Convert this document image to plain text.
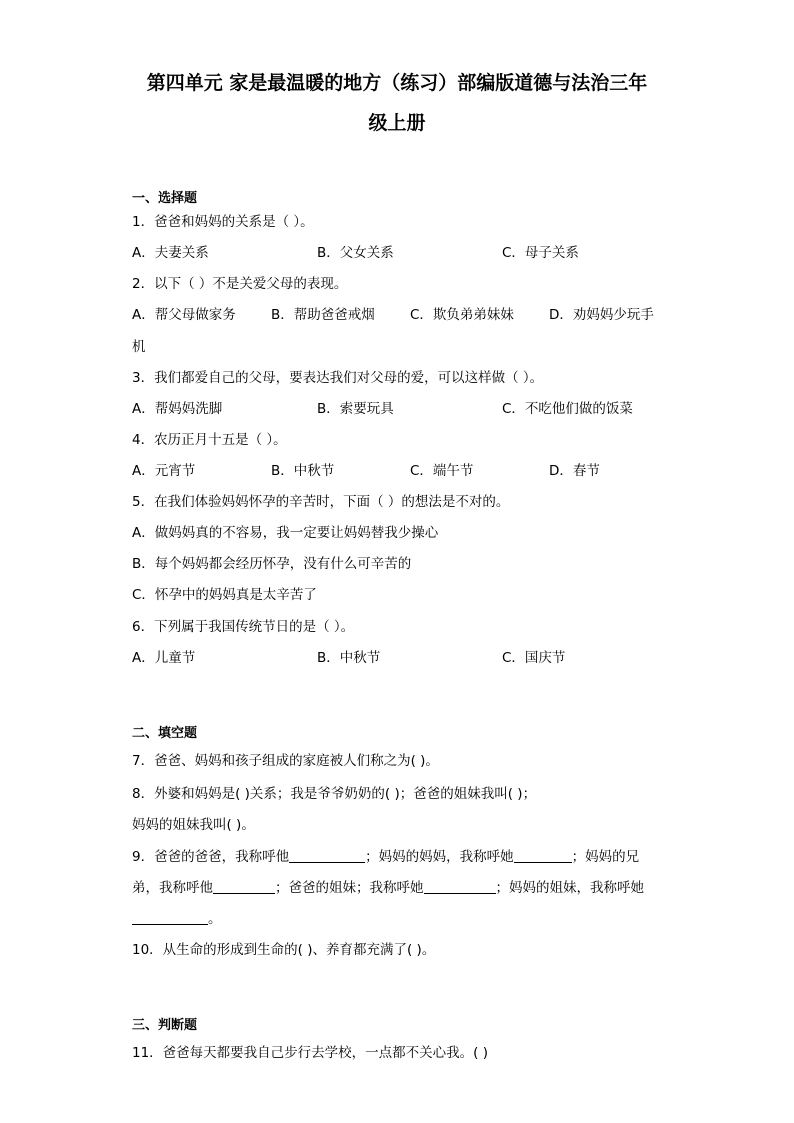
第四单元 家是最温暖的地方（练习）部编版道德与法治三年
级上册
一、选择题
1．爸爸和妈妈的关系是（ ）。
A．夫妻关系	B．父女关系	C．母子关系
2．以下（ ）不是关爱父母的表现。
A．帮父母做家务	B．帮助爸爸戒烟	C．欺负弟弟妹妹	D．劝妈妈少玩手
机
3．我们都爱自己的父母，要表达我们对父母的爱，可以这样做（ ）。
A．帮妈妈洗脚	B．索要玩具	C．不吃他们做的饭菜
4．农历正月十五是（ ）。
A．元宵节	B．中秋节	C．端午节	D．春节
5．在我们体验妈妈怀孕的辛苦时，下面（ ）的想法是不对的。
A．做妈妈真的不容易，我一定要让妈妈替我少操心
B．每个妈妈都会经历怀孕，没有什么可辛苦的
C．怀孕中的妈妈真是太辛苦了
6．下列属于我国传统节日的是（ ）。
A．儿童节	B．中秋节	C．国庆节
二、填空题
7．爸爸、妈妈和孩子组成的家庭被人们称之为( )。
8．外婆和妈妈是( )关系；我是爷爷奶奶的( )；爸爸的姐妹我叫( )；
妈妈的姐妹我叫( )。
9．爸爸的爸爸，我称呼他	；妈妈的妈妈，我称呼她	；妈妈的兄
弟，我称呼他	；爸爸的姐妹；我称呼她	；妈妈的姐妹，我称呼她
。
10．从生命的形成到生命的( )、养育都充满了( )。
三、判断题
11．爸爸每天都要我自己步行去学校，一点都不关心我。( )
